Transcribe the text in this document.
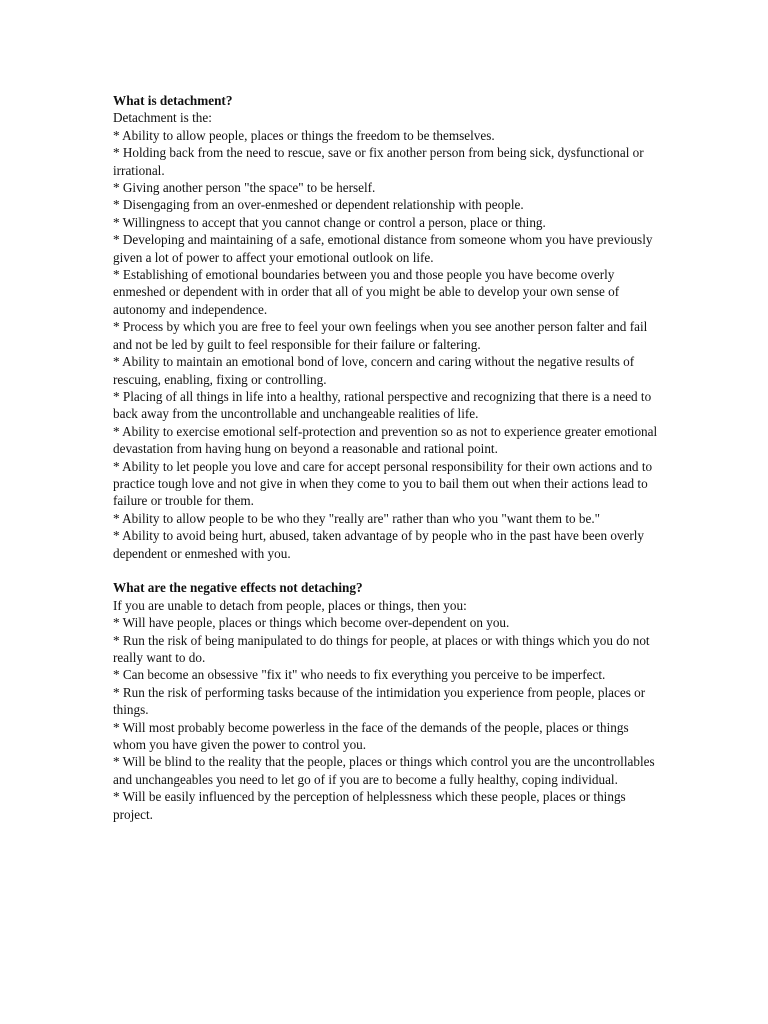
What is detachment?

Detachment is the:

* Ability to allow people, places or things the freedom to be themselves.

* Holding back from the need to rescue, save or fix another person from being sick, dysfunctional or irrational.

* Giving another person "the space" to be herself.

* Disengaging from an over-enmeshed or dependent relationship with people.

* Willingness to accept that you cannot change or control a person, place or thing.

* Developing and maintaining of a safe, emotional distance from someone whom you have previously given a lot of power to affect your emotional outlook on life.

* Establishing of emotional boundaries between you and those people you have become overly enmeshed or dependent with in order that all of you might be able to develop your own sense of autonomy and independence.

* Process by which you are free to feel your own feelings when you see another person falter and fail and not be led by guilt to feel responsible for their failure or faltering.

* Ability to maintain an emotional bond of love, concern and caring without the negative results of rescuing, enabling, fixing or controlling.

* Placing of all things in life into a healthy, rational perspective and recognizing that there is a need to back away from the uncontrollable and unchangeable realities of life.

* Ability to exercise emotional self-protection and prevention so as not to experience greater emotional devastation from having hung on beyond a reasonable and rational point.

* Ability to let people you love and care for accept personal responsibility for their own actions and to practice tough love and not give in when they come to you to bail them out when their actions lead to failure or trouble for them.

* Ability to allow people to be who they "really are" rather than who you "want them to be."

* Ability to avoid being hurt, abused, taken advantage of by people who in the past have been overly dependent or enmeshed with you.

What are the negative effects not detaching?

If you are unable to detach from people, places or things, then you:

* Will have people, places or things which become over-dependent on you.

* Run the risk of being manipulated to do things for people, at places or with things which you do not really want to do.

* Can become an obsessive "fix it" who needs to fix everything you perceive to be imperfect.

* Run the risk of performing tasks because of the intimidation you experience from people, places or things.

* Will most probably become powerless in the face of the demands of the people, places or things whom you have given the power to control you.

* Will be blind to the reality that the people, places or things which control you are the uncontrollables and unchangeables you need to let go of if you are to become a fully healthy, coping individual.

* Will be easily influenced by the perception of helplessness which these people, places or things project.
